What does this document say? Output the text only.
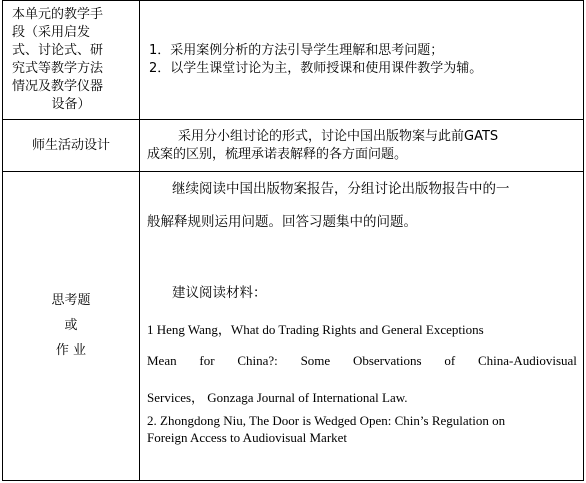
本单元的教学手
段（采用启发
式、讨论式、研
究式等教学方法
情况及教学仪器
设备）
1．采用案例分析的方法引导学生理解和思考问题；
2．以学生课堂讨论为主，教师授课和使用课件教学为辅。
师生活动设计
采用分小组讨论的形式，讨论中国出版物案与此前GATS
成案的区别，梳理承诺表解释的各方面问题。
思考题
或
作 业
继续阅读中国出版物案报告，分组讨论出版物报告中的一
般解释规则运用问题。回答习题集中的问题。
建议阅读材料：
1 Heng Wang，What do Trading Rights and General Exceptions
Mean for China?: Some Observations of China-Audiovisual
Services， Gonzaga Journal of International Law.
2. Zhongdong Niu, The Door is Wedged Open: Chin’s Regulation on
Foreign Access to Audiovisual Market
